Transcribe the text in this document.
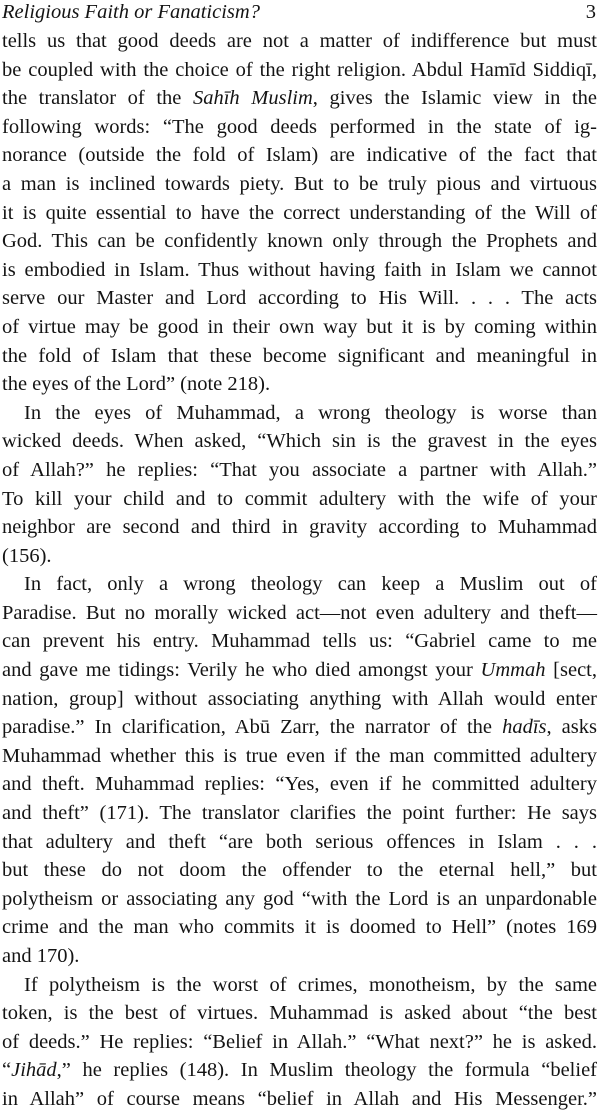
Religious Faith or Fanaticism?	3
tells us that good deeds are not a matter of indifference but must
be coupled with the choice of the right religion. Abdul Hamīd Siddiqī,
the translator of the Sahīh Muslim, gives the Islamic view in the
following words: “The good deeds performed in the state of ig-
norance (outside the fold of Islam) are indicative of the fact that
a man is inclined towards piety. But to be truly pious and virtuous
it is quite essential to have the correct understanding of the Will of
God. This can be confidently known only through the Prophets and
is embodied in Islam. Thus without having faith in Islam we cannot
serve our Master and Lord according to His Will. . . . The acts
of virtue may be good in their own way but it is by coming within
the fold of Islam that these become significant and meaningful in
the eyes of the Lord” (note 218).
In the eyes of Muhammad, a wrong theology is worse than
wicked deeds. When asked, “Which sin is the gravest in the eyes
of Allah?” he replies: “That you associate a partner with Allah.”
To kill your child and to commit adultery with the wife of your
neighbor are second and third in gravity according to Muhammad
(156).
In fact, only a wrong theology can keep a Muslim out of
Paradise. But no morally wicked act—not even adultery and theft—
can prevent his entry. Muhammad tells us: “Gabriel came to me
and gave me tidings: Verily he who died amongst your Ummah [sect,
nation, group] without associating anything with Allah would enter
paradise.” In clarification, Abū Zarr, the narrator of the hadīs, asks
Muhammad whether this is true even if the man committed adultery
and theft. Muhammad replies: “Yes, even if he committed adultery
and theft” (171). The translator clarifies the point further: He says
that adultery and theft “are both serious offences in Islam . . .
but these do not doom the offender to the eternal hell,” but
polytheism or associating any god “with the Lord is an unpardonable
crime and the man who commits it is doomed to Hell” (notes 169
and 170).
If polytheism is the worst of crimes, monotheism, by the same
token, is the best of virtues. Muhammad is asked about “the best
of deeds.” He replies: “Belief in Allah.” “What next?” he is asked.
“Jihād,” he replies (148). In Muslim theology the formula “belief
in Allah” of course means “belief in Allah and His Messenger.”
